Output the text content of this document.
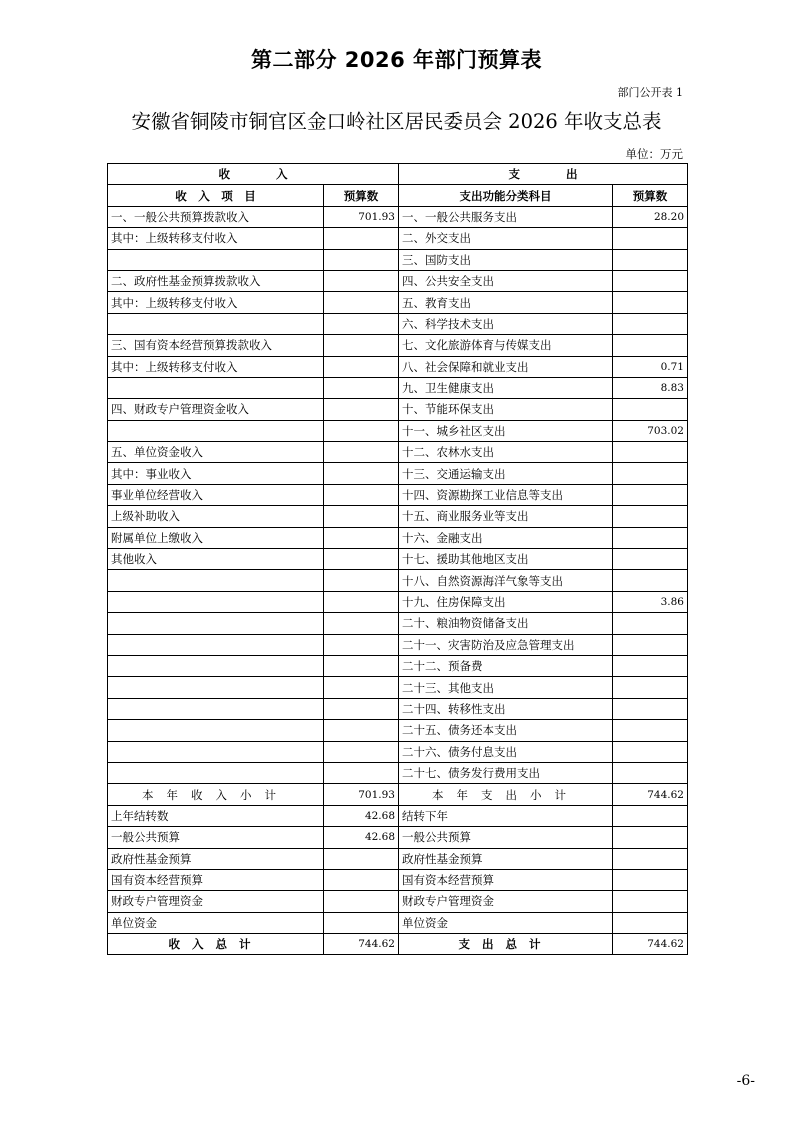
第二部分 2026 年部门预算表
部门公开表 1
安徽省铜陵市铜官区金口岭社区居民委员会 2026 年收支总表
单位：万元
收　　　　入		支　　　　出	
收　入　项　目	预算数	支出功能分类科目	预算数
一、一般公共预算拨款收入	701.93	一、一般公共服务支出	28.20
其中：上级转移支付收入		二、外交支出	
		三、国防支出	
二、政府性基金预算拨款收入		四、公共安全支出	
其中：上级转移支付收入		五、教育支出	
		六、科学技术支出	
三、国有资本经营预算拨款收入		七、文化旅游体育与传媒支出	
其中：上级转移支付收入		八、社会保障和就业支出	0.71
		九、卫生健康支出	8.83
四、财政专户管理资金收入		十、节能环保支出	
		十一、城乡社区支出	703.02
五、单位资金收入		十二、农林水支出	
其中：事业收入		十三、交通运输支出	
事业单位经营收入		十四、资源勘探工业信息等支出	
上级补助收入		十五、商业服务业等支出	
附属单位上缴收入		十六、金融支出	
其他收入		十七、援助其他地区支出	
		十八、自然资源海洋气象等支出	
		十九、住房保障支出	3.86
		二十、粮油物资储备支出	
		二十一、灾害防治及应急管理支出	
		二十二、预备费	
		二十三、其他支出	
		二十四、转移性支出	
		二十五、债务还本支出	
		二十六、债务付息支出	
		二十七、债务发行费用支出	
本年收入小计	701.93	本年支出小计	744.62
上年结转数	42.68	结转下年	
一般公共预算	42.68	一般公共预算	
政府性基金预算		政府性基金预算	
国有资本经营预算		国有资本经营预算	
财政专户管理资金		财政专户管理资金	
单位资金		单位资金	
收入总计	744.62	支出总计	744.62
-6-
